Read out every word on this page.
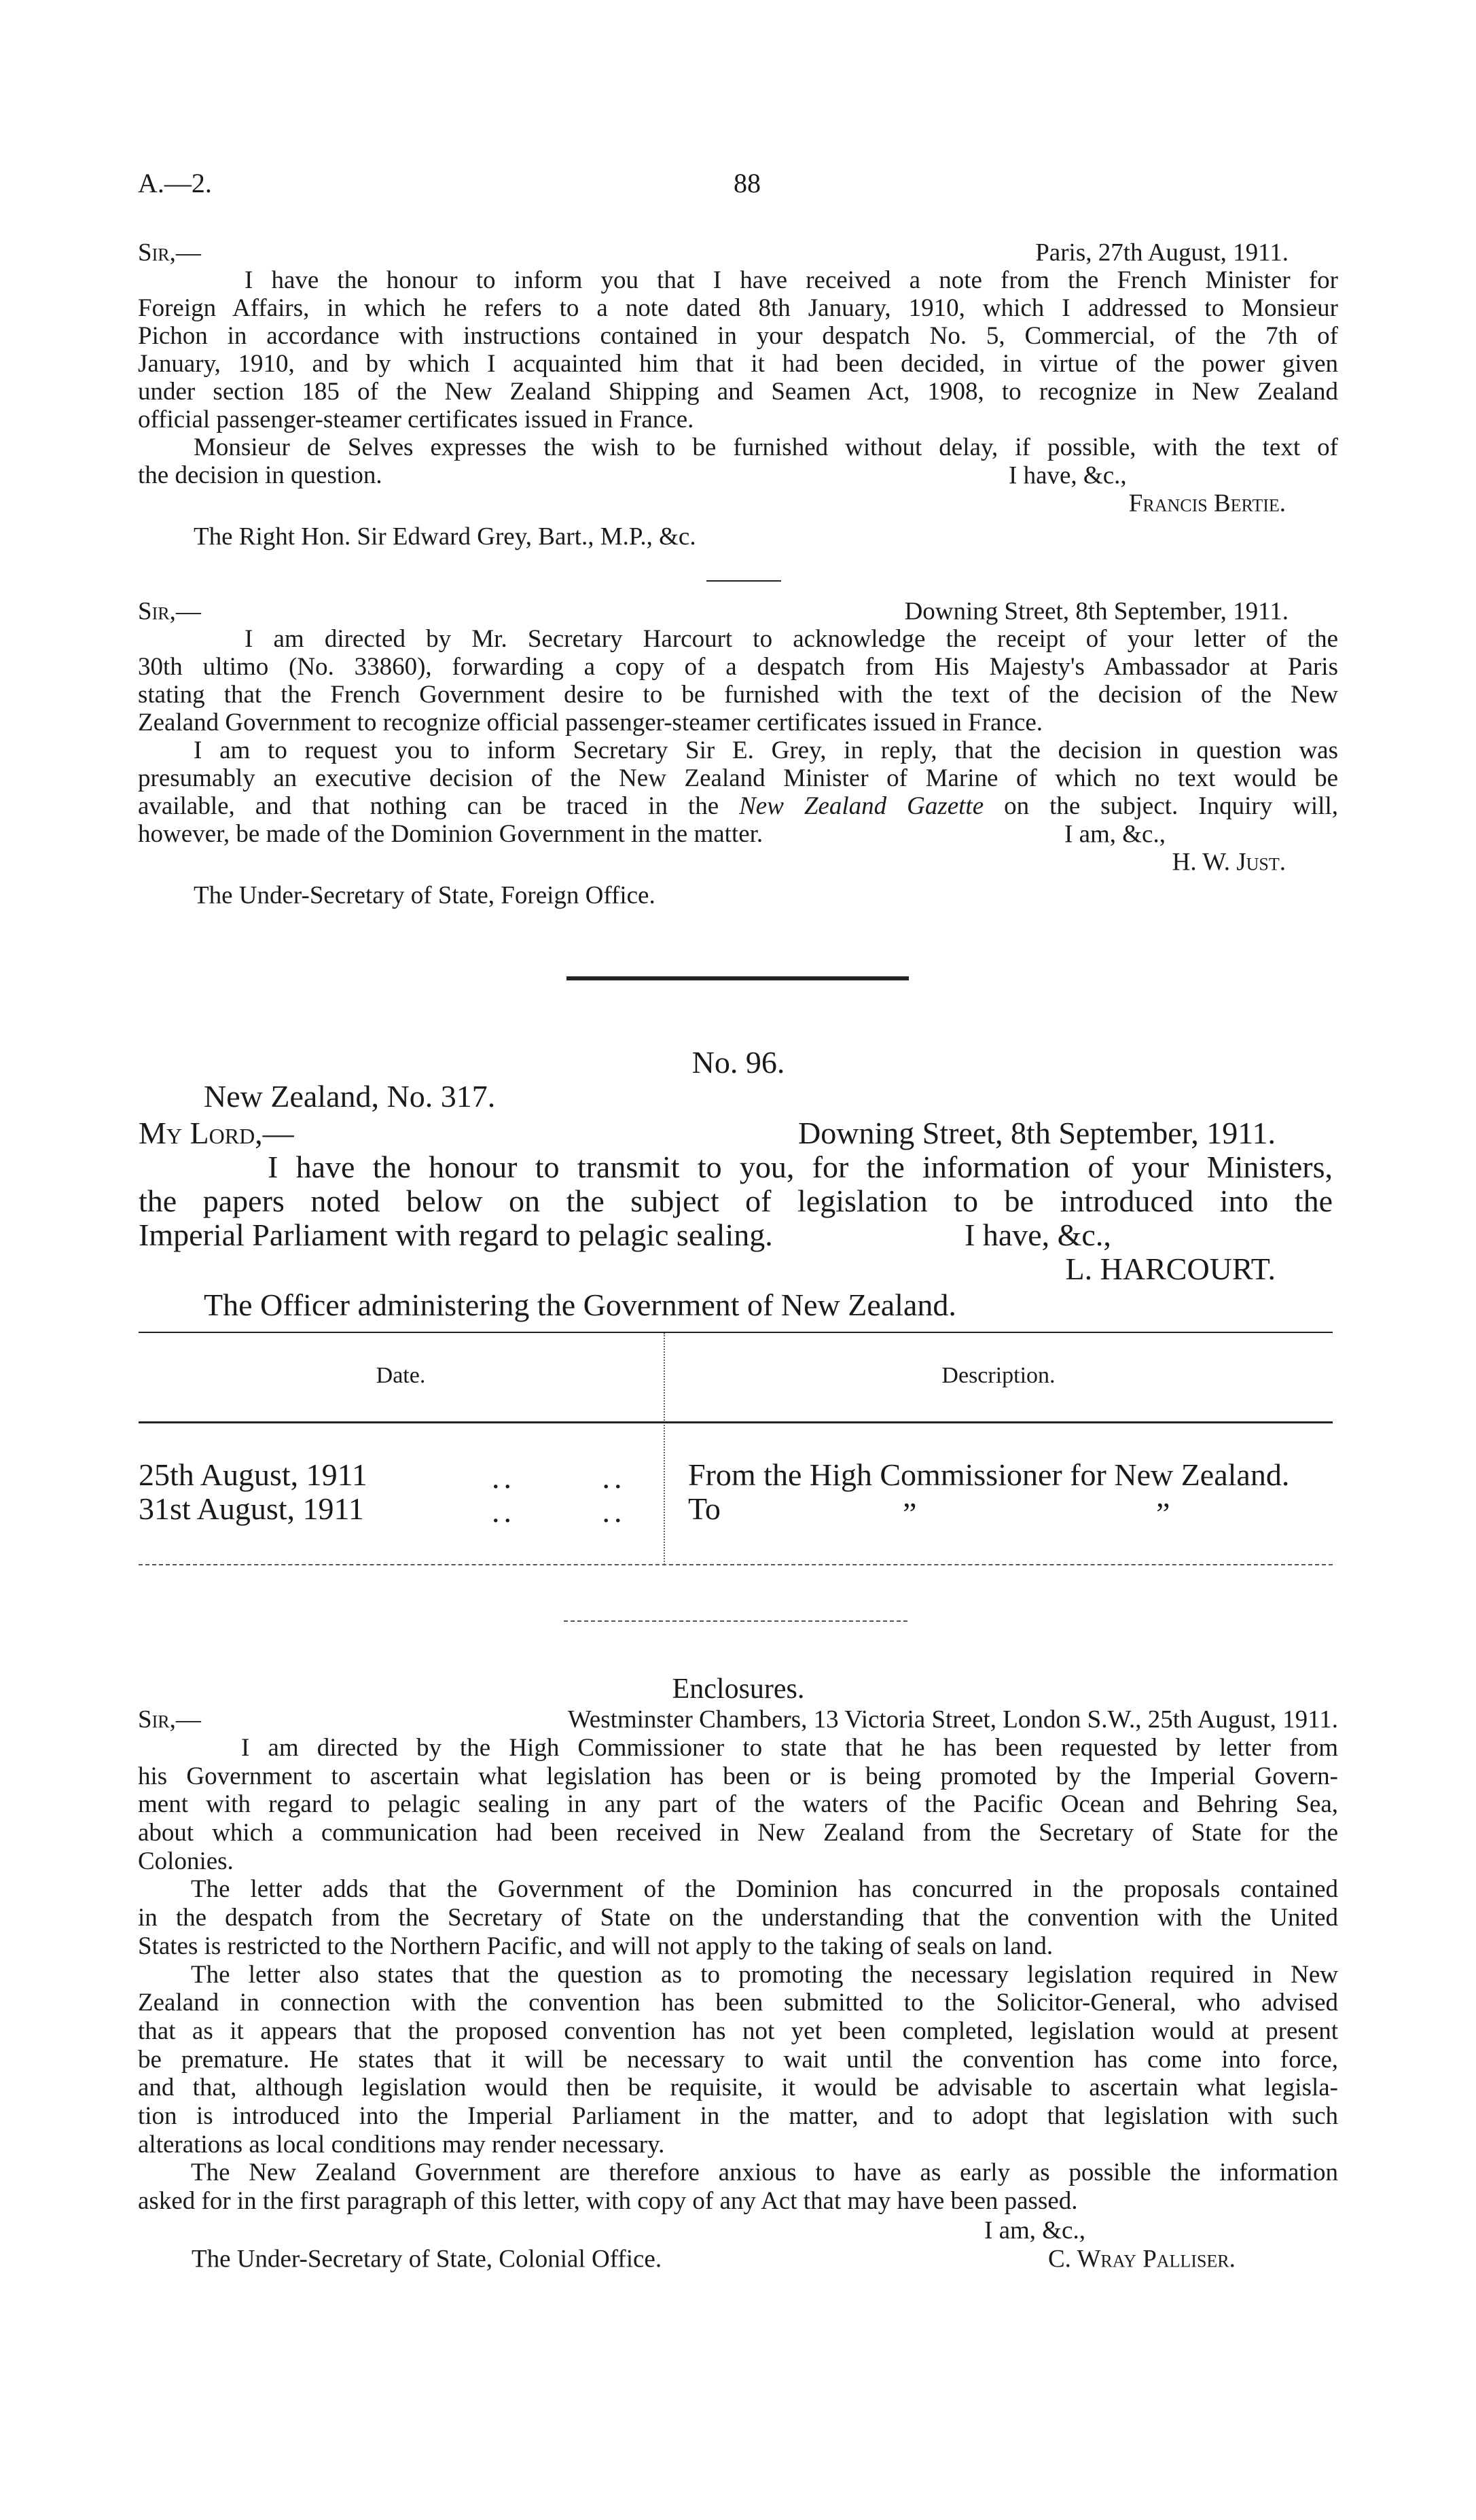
A.—2.	88
Sir,—	Paris, 27th August, 1911.
I have the honour to inform you that I have received a note from the French Minister for
Foreign Affairs, in which he refers to a note dated 8th January, 1910, which I addressed to Monsieur
Pichon in accordance with instructions contained in your despatch No. 5, Commercial, of the 7th of
January, 1910, and by which I acquainted him that it had been decided, in virtue of the power given
under section 185 of the New Zealand Shipping and Seamen Act, 1908, to recognize in New Zealand
official passenger-steamer certificates issued in France.
Monsieur de Selves expresses the wish to be furnished without delay, if possible, with the text of
the decision in question.	I have, &c.,
Francis Bertie.
The Right Hon. Sir Edward Grey, Bart., M.P., &c.
Sir,—	Downing Street, 8th September, 1911.
I am directed by Mr. Secretary Harcourt to acknowledge the receipt of your letter of the
30th ultimo (No. 33860), forwarding a copy of a despatch from His Majesty's Ambassador at Paris
stating that the French Government desire to be furnished with the text of the decision of the New
Zealand Government to recognize official passenger-steamer certificates issued in France.
I am to request you to inform Secretary Sir E. Grey, in reply, that the decision in question was
presumably an executive decision of the New Zealand Minister of Marine of which no text would be
available, and that nothing can be traced in the New Zealand Gazette on the subject. Inquiry will,
however, be made of the Dominion Government in the matter.	I am, &c.,
H. W. Just.
The Under-Secretary of State, Foreign Office.
No. 96.
New Zealand, No. 317.
My Lord,—	Downing Street, 8th September, 1911.
I have the honour to transmit to you, for the information of your Ministers,
the papers noted below on the subject of legislation to be introduced into the
Imperial Parliament with regard to pelagic sealing.	I have, &c.,
L. HARCOURT.
The Officer administering the Government of New Zealand.
Date.	Description.
25th August, 1911	.. .. From the High Commissioner for New Zealand.
31st August, 1911	.. .. To	”	”
Enclosures.
Sir,—	Westminster Chambers, 13 Victoria Street, London S.W., 25th August, 1911.
I am directed by the High Commissioner to state that he has been requested by letter from
his Government to ascertain what legislation has been or is being promoted by the Imperial Govern-
ment with regard to pelagic sealing in any part of the waters of the Pacific Ocean and Behring Sea,
about which a communication had been received in New Zealand from the Secretary of State for the
Colonies.
The letter adds that the Government of the Dominion has concurred in the proposals contained
in the despatch from the Secretary of State on the understanding that the convention with the United
States is restricted to the Northern Pacific, and will not apply to the taking of seals on land.
The letter also states that the question as to promoting the necessary legislation required in New
Zealand in connection with the convention has been submitted to the Solicitor-General, who advised
that as it appears that the proposed convention has not yet been completed, legislation would at present
be premature. He states that it will be necessary to wait until the convention has come into force,
and that, although legislation would then be requisite, it would be advisable to ascertain what legisla-
tion is introduced into the Imperial Parliament in the matter, and to adopt that legislation with such
alterations as local conditions may render necessary.
The New Zealand Government are therefore anxious to have as early as possible the information
asked for in the first paragraph of this letter, with copy of any Act that may have been passed.
I am, &c.,
The Under-Secretary of State, Colonial Office.	C. Wray Palliser.
